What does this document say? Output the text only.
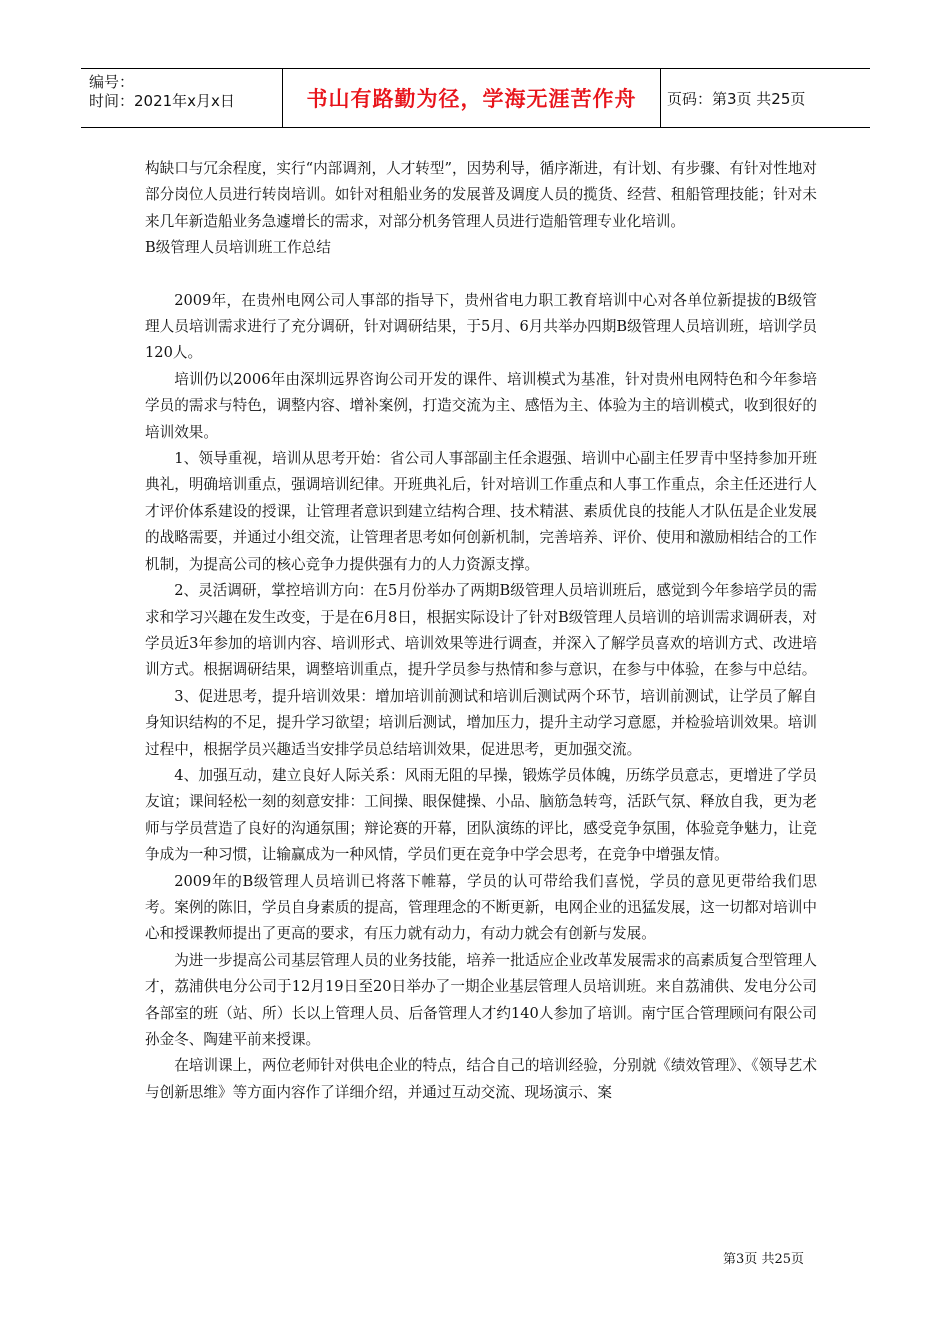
编号：
时间：2021年x月x日	书山有路勤为径，学海无涯苦作舟 页码：第3页 共25页

构缺口与冗余程度，实行“内部调剂，人才转型”，因势利导，循序渐进，有计划、有步骤、有针对性地对部分岗位人员进行转岗培训。如针对租船业务的发展普及调度人员的揽货、经营、租船管理技能；针对未来几年新造船业务急遽增长的需求，对部分机务管理人员进行造船管理专业化培训。

B级管理人员培训班工作总结

2009年，在贵州电网公司人事部的指导下，贵州省电力职工教育培训中心对各单位新提拔的B级管理人员培训需求进行了充分调研，针对调研结果，于5月、6月共举办四期B级管理人员培训班，培训学员120人。

培训仍以2006年由深圳远界咨询公司开发的课件、培训模式为基准，针对贵州电网特色和今年参培学员的需求与特色，调整内容、增补案例，打造交流为主、感悟为主、体验为主的培训模式，收到很好的培训效果。

1、领导重视，培训从思考开始：省公司人事部副主任余遐强、培训中心副主任罗青中坚持参加开班典礼，明确培训重点，强调培训纪律。开班典礼后，针对培训工作重点和人事工作重点，余主任还进行人才评价体系建设的授课，让管理者意识到建立结构合理、技术精湛、素质优良的技能人才队伍是企业发展的战略需要，并通过小组交流，让管理者思考如何创新机制，完善培养、评价、使用和激励相结合的工作机制，为提高公司的核心竞争力提供强有力的人力资源支撑。

2、灵活调研，掌控培训方向：在5月份举办了两期B级管理人员培训班后，感觉到今年参培学员的需求和学习兴趣在发生改变，于是在6月8日，根据实际设计了针对B级管理人员培训的培训需求调研表，对学员近3年参加的培训内容、培训形式、培训效果等进行调查，并深入了解学员喜欢的培训方式、改进培训方式。根据调研结果，调整培训重点，提升学员参与热情和参与意识，在参与中体验，在参与中总结。

3、促进思考，提升培训效果：增加培训前测试和培训后测试两个环节，培训前测试，让学员了解自身知识结构的不足，提升学习欲望；培训后测试，增加压力，提升主动学习意愿，并检验培训效果。培训过程中，根据学员兴趣适当安排学员总结培训效果，促进思考，更加强交流。

4、加强互动，建立良好人际关系：风雨无阻的早操，锻炼学员体魄，历练学员意志，更增进了学员友谊；课间轻松一刻的刻意安排：工间操、眼保健操、小品、脑筋急转弯，活跃气氛、释放自我，更为老师与学员营造了良好的沟通氛围；辩论赛的开幕，团队演练的评比，感受竞争氛围，体验竞争魅力，让竞争成为一种习惯，让输赢成为一种风情，学员们更在竞争中学会思考，在竞争中增强友情。

2009年的B级管理人员培训已将落下帷幕，学员的认可带给我们喜悦，学员的意见更带给我们思考。案例的陈旧，学员自身素质的提高，管理理念的不断更新，电网企业的迅猛发展，这一切都对培训中心和授课教师提出了更高的要求，有压力就有动力，有动力就会有创新与发展。

为进一步提高公司基层管理人员的业务技能，培养一批适应企业改革发展需求的高素质复合型管理人才，荔浦供电分公司于12月19日至20日举办了一期企业基层管理人员培训班。来自荔浦供、发电分公司各部室的班（站、所）长以上管理人员、后备管理人才约140人参加了培训。南宁匡合管理顾问有限公司孙金冬、陶建平前来授课。

在培训课上，两位老师针对供电企业的特点，结合自己的培训经验，分别就《绩效管理》、《领导艺术与创新思维》等方面内容作了详细介绍，并通过互动交流、现场演示、案

第3页 共25页
